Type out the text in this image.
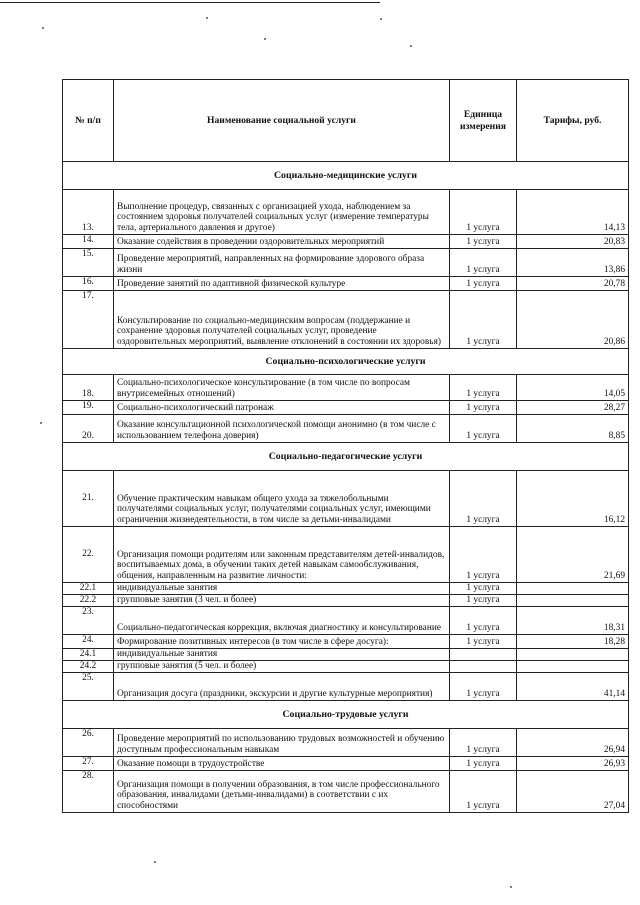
№ п/п	Наименование социальной услуги	Единица измерения	Тарифы, руб.
Социально-медицинские услуги			
13.	Выполнение процедур, связанных с организацией ухода, наблюдением за состоянием здоровья получателей социальных услуг (измерение температуры тела, артериального давления и другое)	1 услуга	14,13
14.	Оказание содействия в проведении оздоровительных мероприятий	1 услуга	20,83
15.	Проведение мероприятий, направленных на формирование здорового образа жизни	1 услуга	13,86
16.	Проведение занятий по адаптивной физической культуре	1 услуга	20,78
17.	Консультирование по социально-медицинским вопросам (поддержание и сохранение здоровья получателей социальных услуг, проведение оздоровительных мероприятий, выявление отклонений в состоянии их здоровья)	1 услуга	20,86
Социально-психологические услуги			
18.	Социально-психологическое консультирование (в том числе по вопросам внутрисемейных отношений)	1 услуга	14,05
19.	Социально-психологический патронаж	1 услуга	28,27
20.	Оказание консультационной психологической помощи анонимно (в том числе с использованием телефона доверия)	1 услуга	8,85
Социально-педагогические услуги			
21.	Обучение практическим навыкам общего ухода за тяжелобольными получателями социальных услуг, получателями социальных услуг, имеющими ограничения жизнедеятельности, в том числе за детьми-инвалидами	1 услуга	16,12
22.	Организация помощи родителям или законным представителям детей-инвалидов, воспитываемых дома, в обучении таких детей навыкам самообслуживания, общения, направленным на развитие личности:	1 услуга	21,69
22.1	индивидуальные занятия	1 услуга	
22.2	групповые занятия (3 чел. и более)	1 услуга	
23.	Социально-педагогическая коррекция, включая диагностику и консультирование	1 услуга	18,31
24.	Формирование позитивных интересов (в том числе в сфере досуга):	1 услуга	18,28
24.1	индивидуальные занятия		
24.2	групповые занятия (5 чел. и более)		
25.	Организация досуга (праздники, экскурсии и другие культурные мероприятия)	1 услуга	41,14
Социально-трудовые услуги			
26.	Проведение мероприятий по использованию трудовых возможностей и обучению доступным профессиональным навыкам	1 услуга	26,94
27.	Оказание помощи в трудоустройстве	1 услуга	26,93
28.	Организация помощи в получении образования, в том числе профессионального образования, инвалидами (детьми-инвалидами) в соответствии с их способностями	1 услуга	27,04
